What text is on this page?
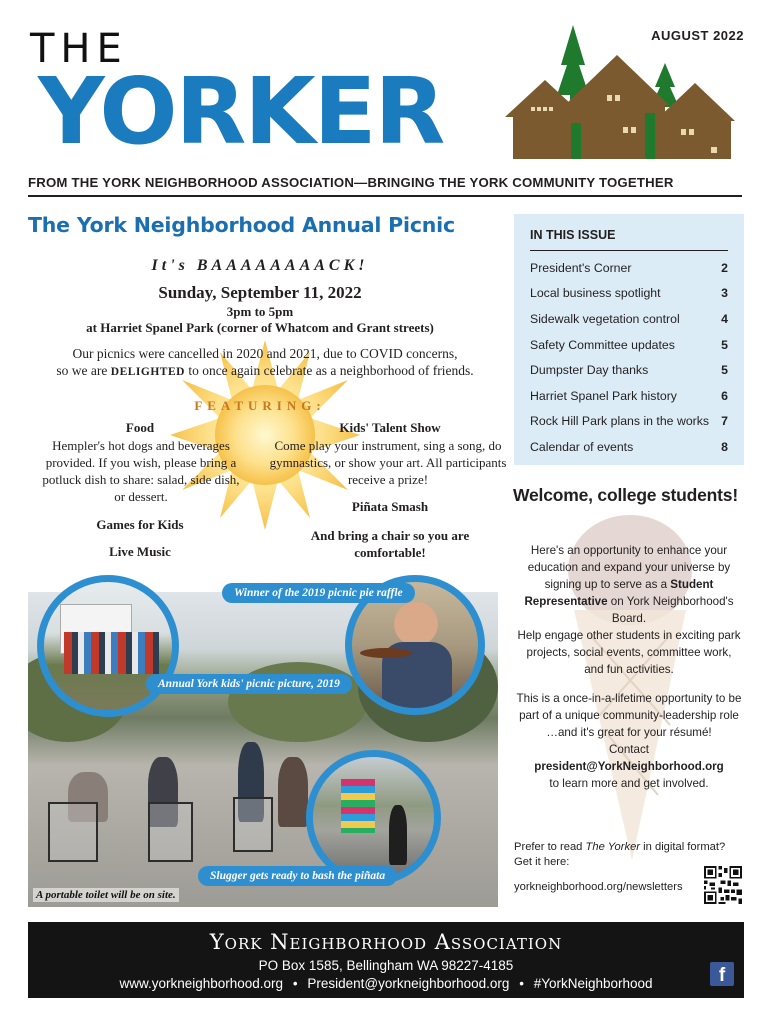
THE
YORKER
AUGUST 2022
FROM THE YORK NEIGHBORHOOD ASSOCIATION—BRINGING THE YORK COMMUNITY TOGETHER
The York Neighborhood Annual Picnic
It's BAAAAAAAACK!
Sunday, September 11, 2022
3pm to 5pm
at Harriet Spanel Park (corner of Whatcom and Grant streets)
Our picnics were cancelled in 2020 and 2021, due to COVID concerns,
so we are DELIGHTED to once again celebrate as a neighborhood of friends.
FEATURING:
Food
Hempler's hot dogs and beverages provided. If you wish, please bring a potluck dish to share: salad, side dish, or dessert.
Kids' Talent Show
Come play your instrument, sing a song, do gymnastics, or show your art. All participants receive a prize!
Piñata Smash
Games for Kids
And bring a chair so you are comfortable!
Live Music
Winner of the 2019 picnic pie raffle
Annual York kids' picnic picture, 2019
Slugger gets ready to bash the piñata
A portable toilet will be on site.
IN THIS ISSUE
President's Corner	2
Local business spotlight	3
Sidewalk vegetation control	4
Safety Committee updates	5
Dumpster Day thanks	5
Harriet Spanel Park history	6
Rock Hill Park plans in the works 7
Calendar of events	8
Welcome, college students!
Here's an opportunity to enhance your education and expand your universe by signing up to serve as a Student Representative on York Neighborhood's Board.
Help engage other students in exciting park projects, social events, committee work, and fun activities.
This is a once-in-a-lifetime opportunity to be part of a unique community-leadership role …and it's great for your résumé!
Contact president@YorkNeighborhood.org
to learn more and get involved.
Prefer to read The Yorker in digital format? Get it here:
yorkneighborhood.org/newsletters
York Neighborhood Association
PO Box 1585, Bellingham WA 98227-4185
www.yorkneighborhood.org • President@yorkneighborhood.org • #YorkNeighborhood	f
